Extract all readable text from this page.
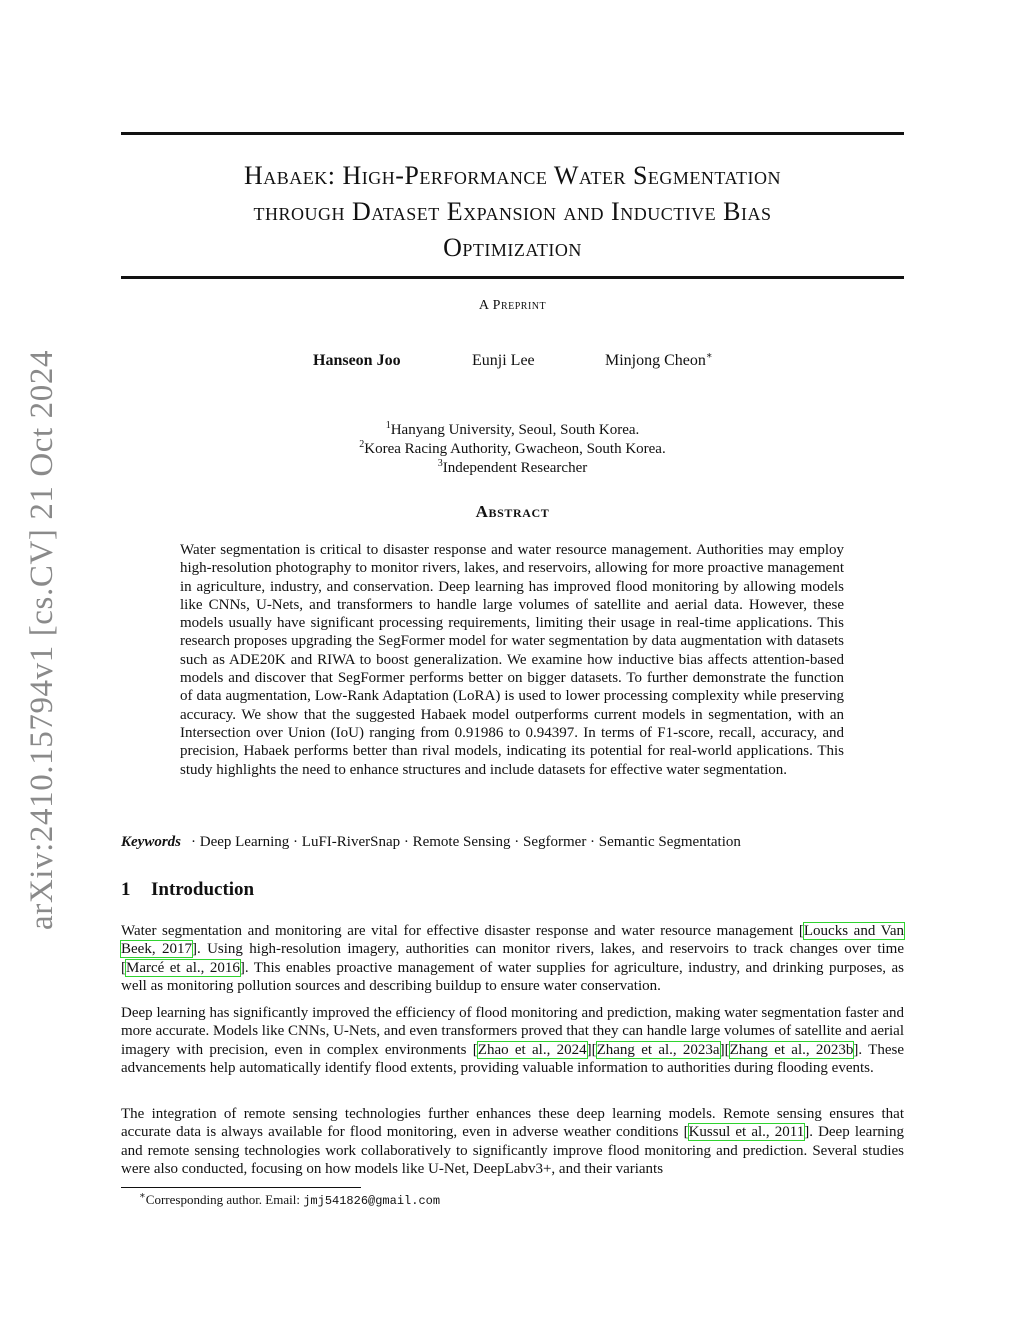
arXiv:2410.15794v1 [cs.CV] 21 Oct 2024
Habaek: High-Performance Water Segmentation
through Dataset Expansion and Inductive Bias
Optimization
A Preprint
Hanseon Joo	Eunji Lee	Minjong Cheon∗
$^1$Hanyang University, Seoul, South Korea.
$^2$Korea Racing Authority, Gwacheon, South Korea.
$^3$Independent Researcher
Abstract
Water segmentation is critical to disaster response and water resource management. Authorities may employ high-resolution photography to monitor rivers, lakes, and reservoirs, allowing for more proactive management in agriculture, industry, and conservation. Deep learning has improved flood monitoring by allowing models like CNNs, U-Nets, and transformers to handle large volumes of satellite and aerial data. However, these models usually have significant processing requirements, limiting their usage in real-time applications. This research proposes upgrading the SegFormer model for water segmentation by data augmentation with datasets such as ADE20K and RIWA to boost generalization. We examine how inductive bias affects attention-based models and discover that SegFormer performs better on bigger datasets. To further demonstrate the function of data augmentation, Low-Rank Adaptation (LoRA) is used to lower processing complexity while preserving accuracy. We show that the suggested Habaek model outperforms current models in segmentation, with an Intersection over Union (IoU) ranging from 0.91986 to 0.94397. In terms of F1-score, recall, accuracy, and precision, Habaek performs better than rival models, indicating its potential for real-world applications. This study highlights the need to enhance structures and include datasets for effective water segmentation.
Keywords · Deep Learning · LuFI-RiverSnap · Remote Sensing · Segformer · Semantic Segmentation
1 Introduction

Water segmentation and monitoring are vital for effective disaster response and water resource management [Loucks and Van Beek, 2017]. Using high-resolution imagery, authorities can monitor rivers, lakes, and reservoirs to track changes over time [Marcé et al., 2016]. This enables proactive management of water supplies for agriculture, industry, and drinking purposes, as well as monitoring pollution sources and describing buildup to ensure water conservation.

Deep learning has significantly improved the efficiency of flood monitoring and prediction, making water segmentation faster and more accurate. Models like CNNs, U-Nets, and even transformers proved that they can handle large volumes of satellite and aerial imagery with precision, even in complex environments [Zhao et al., 2024][Zhang et al., 2023a][Zhang et al., 2023b]. These advancements help automatically identify flood extents, providing valuable information to authorities during flooding events.

The integration of remote sensing technologies further enhances these deep learning models. Remote sensing ensures that accurate data is always available for flood monitoring, even in adverse weather conditions [Kussul et al., 2011]. Deep learning and remote sensing technologies work collaboratively to significantly improve flood monitoring and prediction. Several studies were also conducted, focusing on how models like U-Net, DeepLabv3+, and their variants

∗Corresponding author. Email: jmj541826@gmail.com
